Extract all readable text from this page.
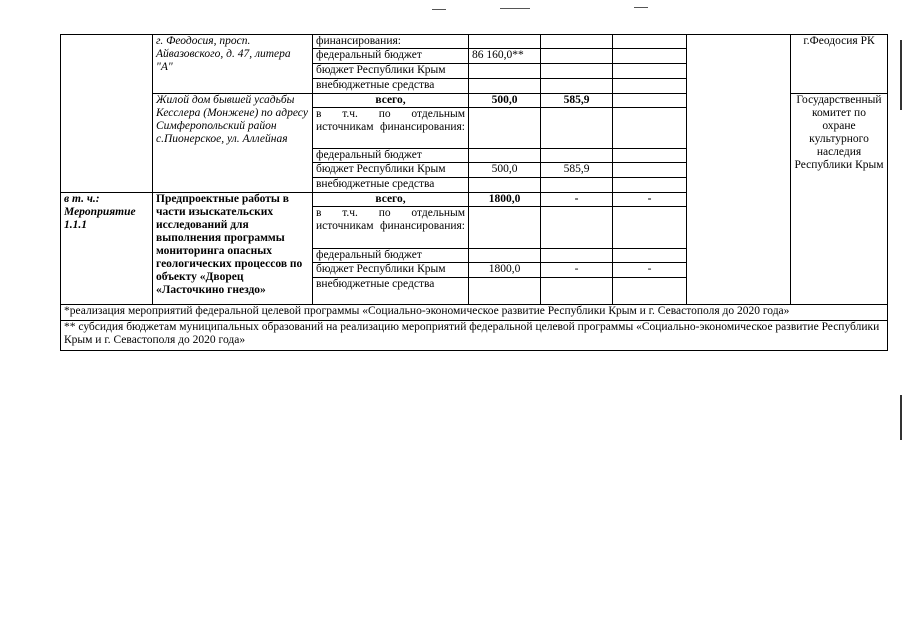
	г. Феодосия, просп. Айвазовского, д. 47, литера "А"	финансирования:					г.Феодосия РК
		федеральный бюджет	86 160,0**				
		бюджет Республики Крым					
		внебюджетные средства					
	Жилой дом бывшей усадьбы Кесслера (Монжене) по адресу Симферопольский район с.Пионерское, ул. Аллейная	всего,	500,0	585,9			Государственный комитет по охране культурного наследия Республики Крым
		в т.ч. по отдельным источникам финансирования:					

		федеральный бюджет					
		бюджет Республики Крым	500,0	585,9			
		внебюджетные средства					
в т. ч.: Мероприятие 1.1.1	Предпроектные работы в части изыскательских исследований для выполнения программы мониторинга опасных геологических процессов по объекту «Дворец «Ласточкино гнездо»	всего,	1800,0	-	-		
		в т.ч. по отдельным источникам финансирования:					
		федеральный бюджет					
		бюджет Республики Крым	1800,0	-	-		
		внебюджетные средства					
*реализация мероприятий федеральной целевой программы «Социально-экономическое развитие Республики Крым и г. Севастополя до 2020 года»							
** субсидия бюджетам муниципальных образований на реализацию мероприятий федеральной целевой программы «Социально-экономическое развитие Республики Крым и г. Севастополя до 2020 года»							
